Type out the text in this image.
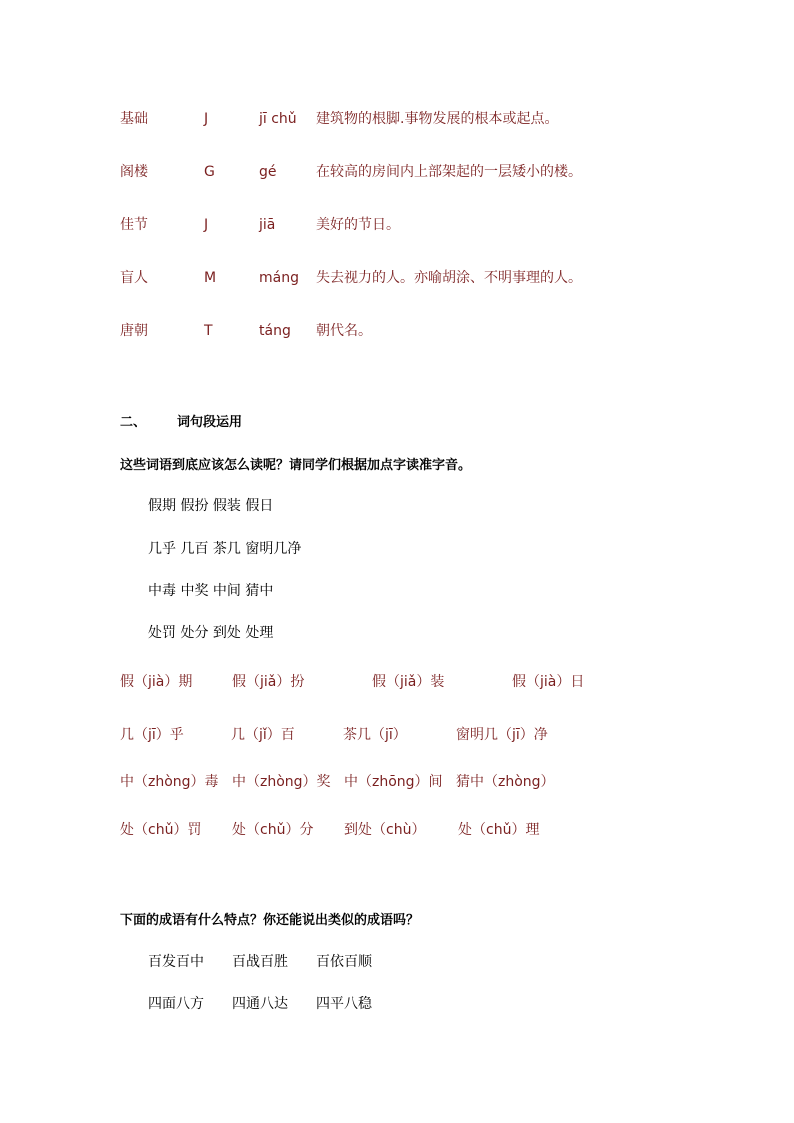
基础	J	jī chǔ 建筑物的根脚.事物发展的根本或起点。
阁楼	G	gé	在较高的房间内上部架起的一层矮小的楼。
佳节	J	jiā	美好的节日。
盲人	M	máng 失去视力的人。亦喻胡涂、不明事理的人。
唐朝	T	táng 朝代名。
二、 词句段运用
这些词语到底应该怎么读呢？请同学们根据加点字读准字音。
假期 假扮 假装 假日
几乎 几百 茶几 窗明几净
中毒 中奖 中间 猜中
处罚 处分 到处 处理
假（jià）期	假（jiǎ）扮	假（jiǎ）装	假（jià）日
几（jī）乎	几（jǐ）百	茶几（jī）	窗明几（jī）净
中（zhòng）毒 中（zhòng）奖 中（zhōng）间 猜中（zhòng）
处（chǔ）罚 处（chǔ）分 到处（chù） 处（chǔ）理
下面的成语有什么特点？你还能说出类似的成语吗？
百发百中 百战百胜 百依百顺
四面八方 四通八达 四平八稳
